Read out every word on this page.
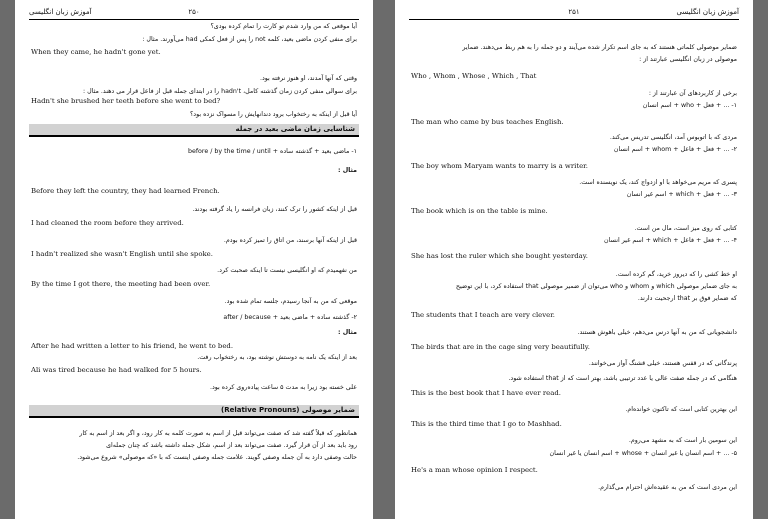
آموزش زبان انگلیسی	۲۵۰
آیا موقعی که من وارد شدم تو کارت را تمام کرده بودی؟
برای منفی کردن ماضی بعید، کلمه not را پس از فعل کمکی had می‌آورند. مثال :
When they came, he hadn't gone yet.
وقتی که آنها آمدند، او هنوز نرفته بود.
برای سوالی منفی کردن زمان گذشته کامل، hadn't را در ابتدای جمله قبل از فاعل قرار می دهند. مثال :
Hadn't she brushed her teeth before she went to bed?
آیا قبل از اینکه به رختخواب برود دندانهایش را مسواک نزده بود؟
شناسایی زمان ماضی بعید در جمله
۱- ماضی بعید + گذشته ساده + before / by the time / until
مثال :
Before they left the country, they had learned French.
قبل از اینکه کشور را ترک کنند، زبان فرانسه را یاد گرفته بودند.
I had cleaned the room before they arrived.
قبل از اینکه آنها برسند، من اتاق را تمیز کرده بودم.
I hadn't realized she wasn't English until she spoke.
من نفهمیدم که او انگلیسی نیست تا اینکه صحبت کرد.
By the time I got there, the meeting had been over.
موقعی که من به آنجا رسیدم، جلسه تمام شده بود.
۲- گذشته ساده + ماضی بعید + after / because
مثال :
After he had written a letter to his friend, he went to bed.
بعد از اینکه یک نامه به دوستش نوشته بود، به رختخواب رفت.
Ali was tired because he had walked for 5 hours.
علی خسته بود زیرا به مدت ۵ ساعت پیاده‌روی کرده بود.
ضمایر موصولی (Relative Pronouns)
همانطور که قبلاً گفته شد که صفت می‌تواند قبل از اسم به صورت کلمه به کار رود، و اگر بعد از اسم به کار
رود باید بعد از آن قرار گیرد. صفت می‌تواند بعد از اسم، شکل جمله داشته باشد که چنان جمله‌ای
حالت وصفی دارد به آن جمله وصفی گویند. علامت جمله وصفی اینست که با «که موصولی» شروع می‌شود.
۲۵۱	آموزش زبان انگلیسی
ضمایر موصولی کلماتی هستند که به جای اسم تکرار شده می‌آیند و دو جمله را به هم ربط می‌دهند. ضمایر
موصولی در زبان انگلیسی عبارتند از :
Who , Whom , Whose , Which , That
برخی از کاربردهای آن عبارتند از :
۱- ... + فعل + who + اسم انسان
The man who came by bus teaches English.
مردی که با اتوبوس آمد، انگلیسی تدریس می‌کند.
۲- ... + فعل + فاعل + whom + اسم انسان
The boy whom Maryam wants to marry is a writer.
پسری که مریم می‌خواهد با او ازدواج کند، یک نویسنده است.
۳- ... + فعل + which + اسم غیر انسان
The book which is on the table is mine.
کتابی که روی میز است، مال من است.
۴- ... + فعل + فاعل + which + اسم غیر انسان
She has lost the ruler which she bought yesterday.
او خط کشی را که دیروز خرید، گم کرده است.
به جای ضمایر موصولی which و whom و who می‌توان از ضمیر موصولی that استفاده کرد، با این توضیح
که ضمایر فوق بر that ارجحیت دارند.
The students that I teach are very clever.
دانشجویانی که من به آنها درس می‌دهم، خیلی باهوش هستند.
The birds that are in the cage sing very beautifully.
پرندگانی که در قفس هستند، خیلی قشنگ آواز می‌خوانند.
هنگامی که در جمله صفت عالی یا عدد ترتیبی باشد، بهتر است که از that استفاده شود.
This is the best book that I have ever read.
این بهترین کتابی است که تاکنون خوانده‌ام.
This is the third time that I go to Mashhad.
این سومین بار است که به مشهد می‌روم.
۵- ... + اسم انسان یا غیر انسان + whose + اسم انسان یا غیر انسان
He's a man whose opinion I respect.
این مردی است که من به عقیده‌اش احترام می‌گذارم.
